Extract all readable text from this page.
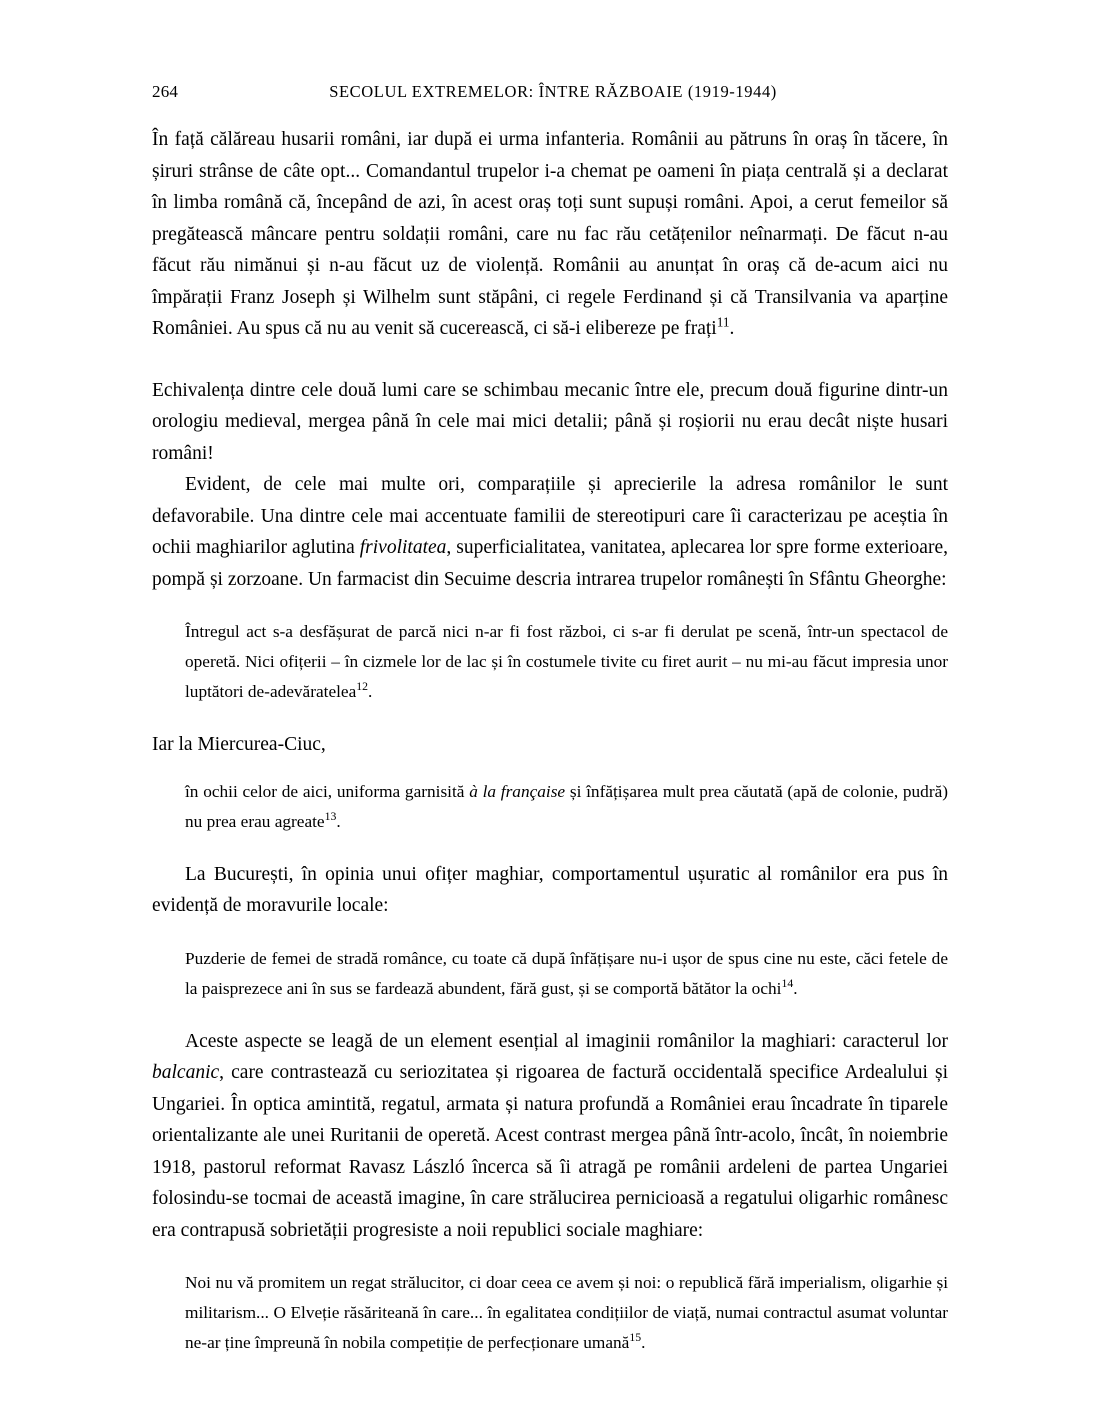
264	SECOLUL EXTREMELOR: ÎNTRE RĂZBOAIE (1919-1944)

În față călăreau husarii români, iar după ei urma infanteria. Românii au pătruns în oraș în tăcere, în șiruri strânse de câte opt... Comandantul trupelor i-a chemat pe oameni în piața centrală și a declarat în limba română că, începând de azi, în acest oraș toți sunt supuși români. Apoi, a cerut femeilor să pregătească mâncare pentru soldații români, care nu fac rău cetățenilor neînarmați. De făcut n-au făcut rău nimănui și n-au făcut uz de violență. Românii au anunțat în oraș că de-acum aici nu împărații Franz Joseph și Wilhelm sunt stăpâni, ci regele Ferdinand și că Transilvania va aparține României. Au spus că nu au venit să cucerească, ci să-i elibereze pe frați$^{11}$.

Echivalența dintre cele două lumi care se schimbau mecanic între ele, precum două figurine dintr-un orologiu medieval, mergea până în cele mai mici detalii; până și roșiorii nu erau decât niște husari români!

Evident, de cele mai multe ori, comparațiile și aprecierile la adresa românilor le sunt defavorabile. Una dintre cele mai accentuate familii de stereotipuri care îi caracterizau pe aceștia în ochii maghiarilor aglutina frivolitatea, superficialitatea, vanitatea, aplecarea lor spre forme exterioare, pompă și zorzoane. Un farmacist din Secuime descria intrarea trupelor românești în Sfântu Gheorghe:

Întregul act s-a desfășurat de parcă nici n-ar fi fost război, ci s-ar fi derulat pe scenă, într-un spectacol de operetă. Nici ofițerii – în cizmele lor de lac și în costumele tivite cu firet aurit – nu mi-au făcut impresia unor luptători de-adevăratelea$^{12}$.

Iar la Miercurea-Ciuc,

în ochii celor de aici, uniforma garnisită à la française și înfățișarea mult prea căutată (apă de colonie, pudră) nu prea erau agreate$^{13}$.

La București, în opinia unui ofițer maghiar, comportamentul ușuratic al românilor era pus în evidență de moravurile locale:

Puzderie de femei de stradă românce, cu toate că după înfățișare nu-i ușor de spus cine nu este, căci fetele de la paisprezece ani în sus se fardează abundent, fără gust, și se comportă bătător la ochi$^{14}$.

Aceste aspecte se leagă de un element esențial al imaginii românilor la maghiari: caracterul lor balcanic, care contrastează cu seriozitatea și rigoarea de factură occidentală specifice Ardealului și Ungariei. În optica amintită, regatul, armata și natura profundă a României erau încadrate în tiparele orientalizante ale unei Ruritanii de operetă. Acest contrast mergea până într-acolo, încât, în noiembrie 1918, pastorul reformat Ravasz László încerca să îi atragă pe românii ardeleni de partea Ungariei folosindu-se tocmai de această imagine, în care strălucirea pernicioasă a regatului oligarhic românesc era contrapusă sobrietății progresiste a noii republici sociale maghiare:

Noi nu vă promitem un regat strălucitor, ci doar ceea ce avem și noi: o republică fără imperialism, oligarhie și militarism... O Elveție răsăriteană în care... în egalitatea condițiilor de viață, numai contractul asumat voluntar ne-ar ține împreună în nobila competiție de perfecționare umană$^{15}$.
